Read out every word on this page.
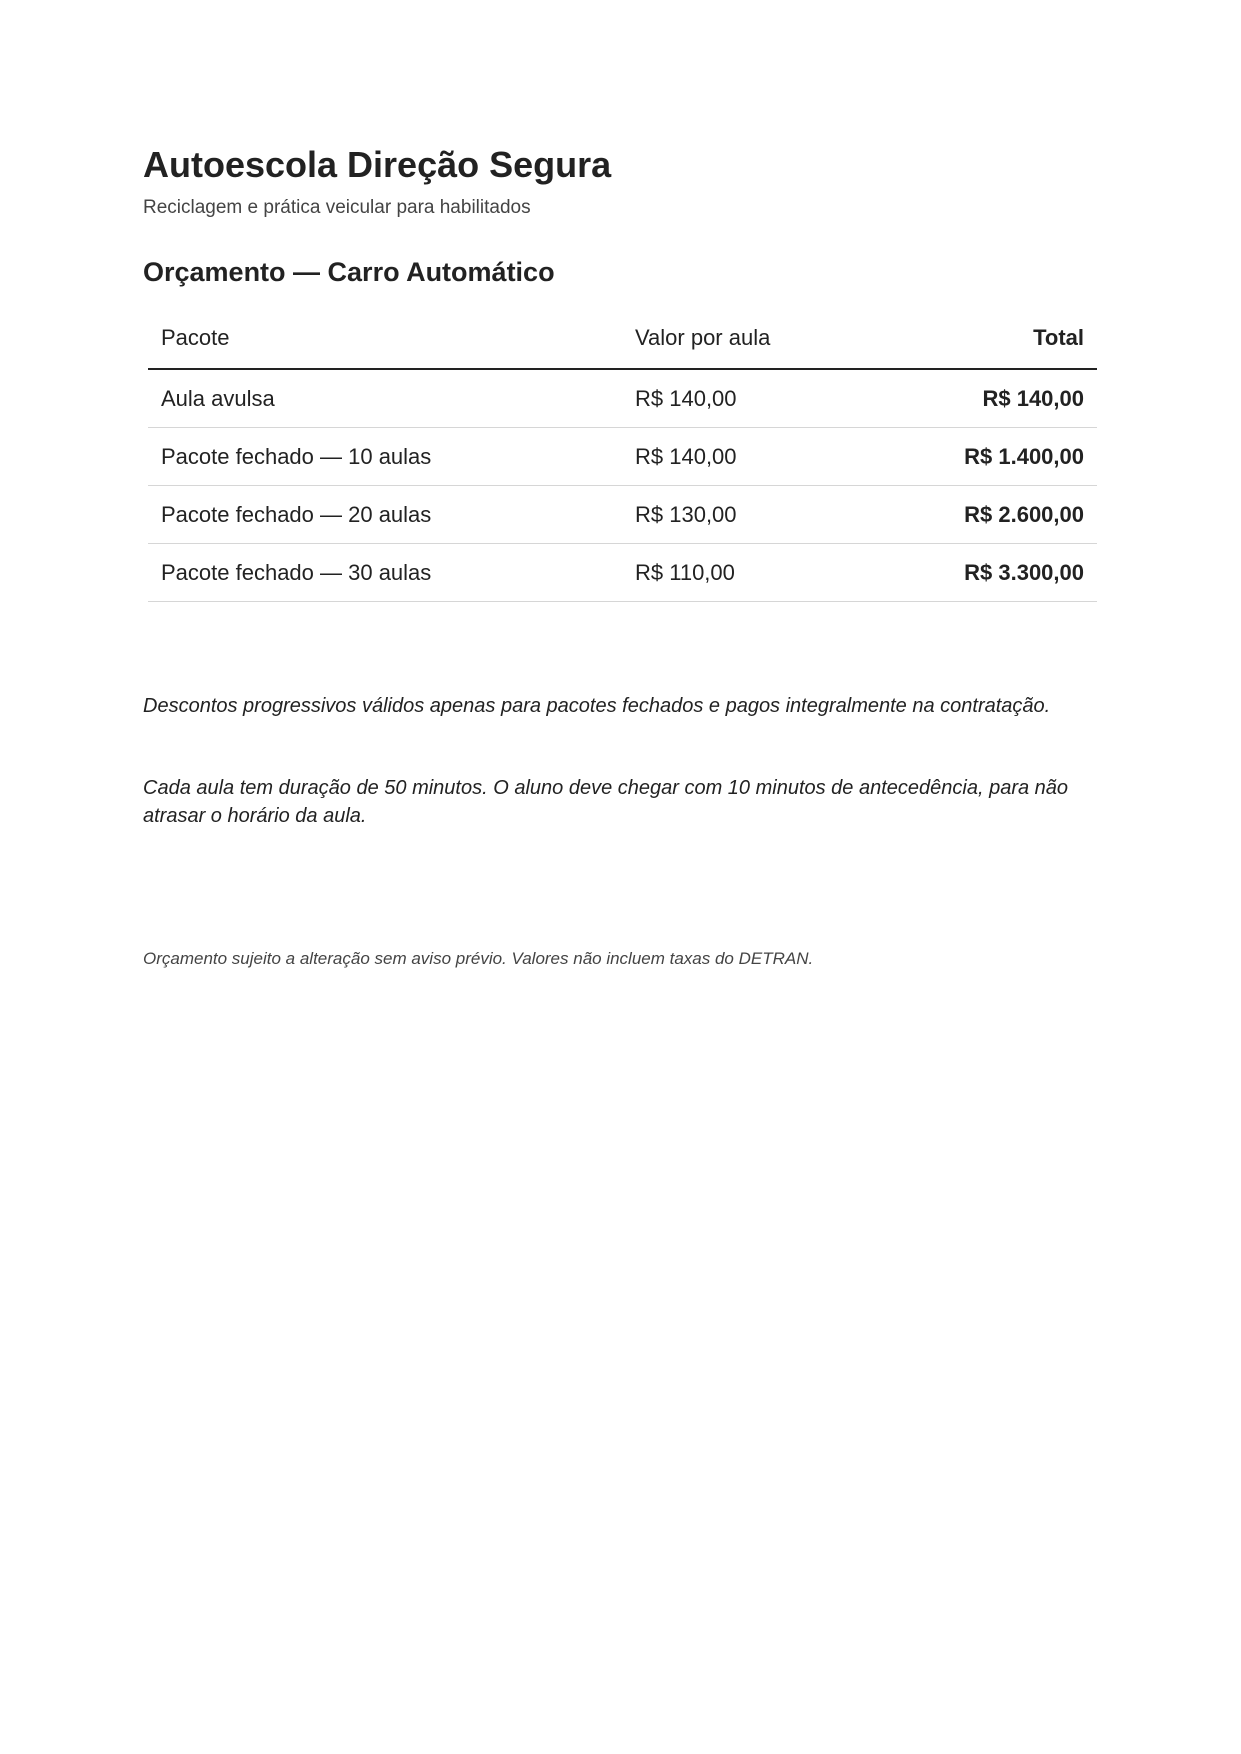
Autoescola Direção Segura

Reciclagem e prática veicular para habilitados

Orçamento — Carro Automático
Pacote	Valor por aula	Total
Aula avulsa	R$ 140,00	R$ 140,00
Pacote fechado — 10 aulas	R$ 140,00	R$ 1.400,00
Pacote fechado — 20 aulas	R$ 130,00	R$ 2.600,00
Pacote fechado — 30 aulas	R$ 110,00	R$ 3.300,00

Descontos progressivos válidos apenas para pacotes fechados e pagos integralmente na contratação.

Cada aula tem duração de 50 minutos. O aluno deve chegar com 10 minutos de antecedência, para não atrasar o horário da aula.

Orçamento sujeito a alteração sem aviso prévio. Valores não incluem taxas do DETRAN.
